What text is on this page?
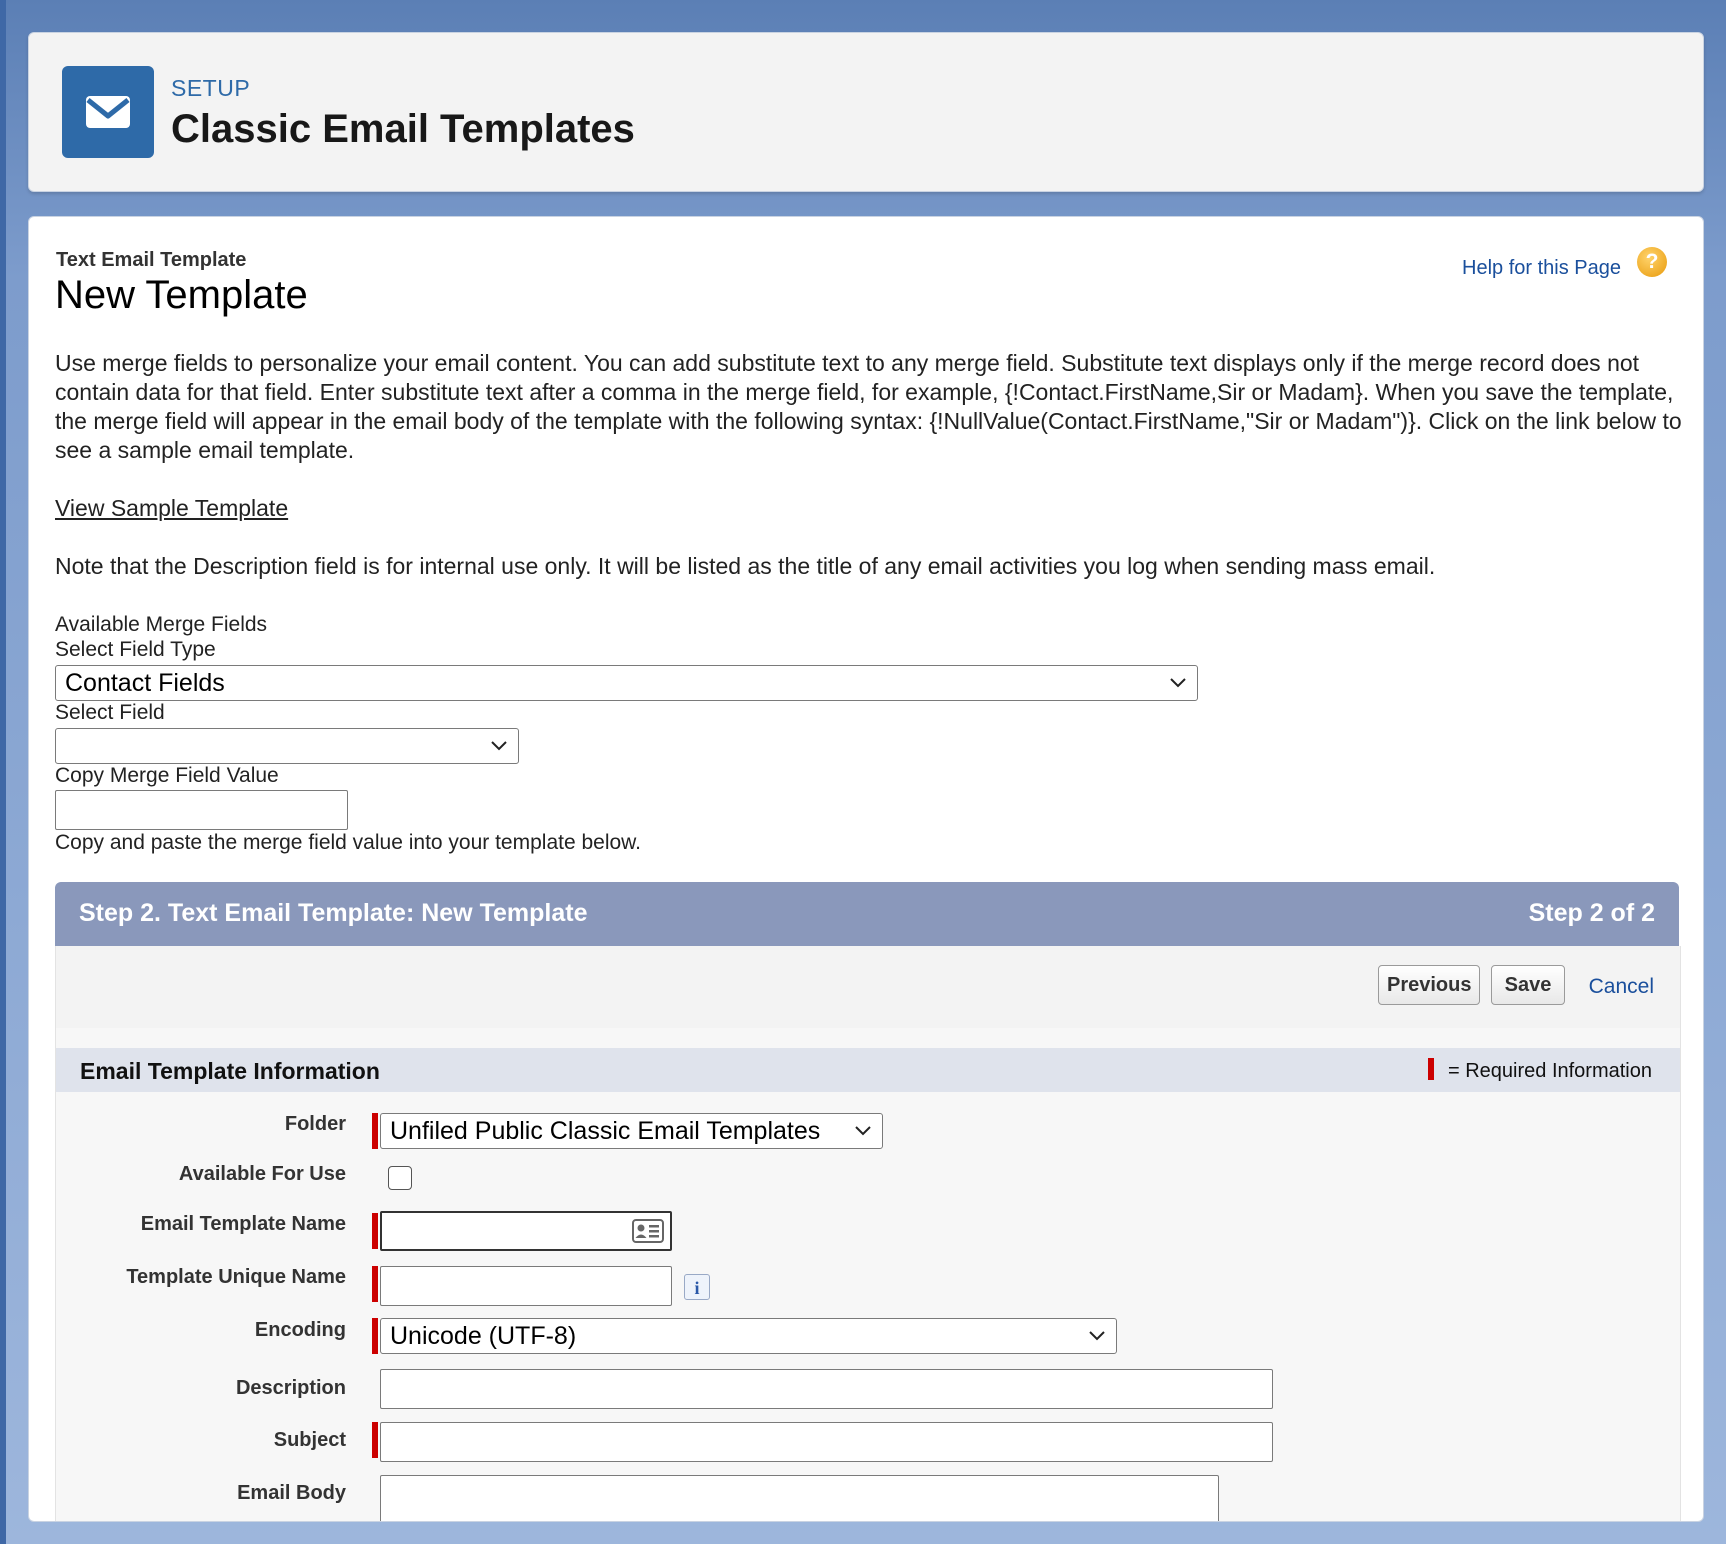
SETUP
Classic Email Templates
Text Email Template
New Template
Help for this Page	?

Use merge fields to personalize your email content. You can add substitute text to any merge field. Substitute text displays only if the merge record does not contain data for that field. Enter substitute text after a comma in the merge field, for example, {!Contact.FirstName,Sir or Madam}. When you save the template, the merge field will appear in the email body of the template with the following syntax: {!NullValue(Contact.FirstName,"Sir or Madam")}. Click on the link below to see a sample email template.

View Sample Template
Note that the Description field is for internal use only. It will be listed as the title of any email activities you log when sending mass email.
Available Merge Fields
Select Field Type
Contact Fields
Select Field
Copy Merge Field Value
Copy and paste the merge field value into your template below.
Step 2. Text Email Template: New Template	Step 2 of 2
Previous	Save	Cancel
Email Template Information	= Required Information
Folder	Unfiled Public Classic Email Templates
Available For Use
Email Template Name
Template Unique Name	i
Encoding	Unicode (UTF-8)
Description
Subject
Email Body
